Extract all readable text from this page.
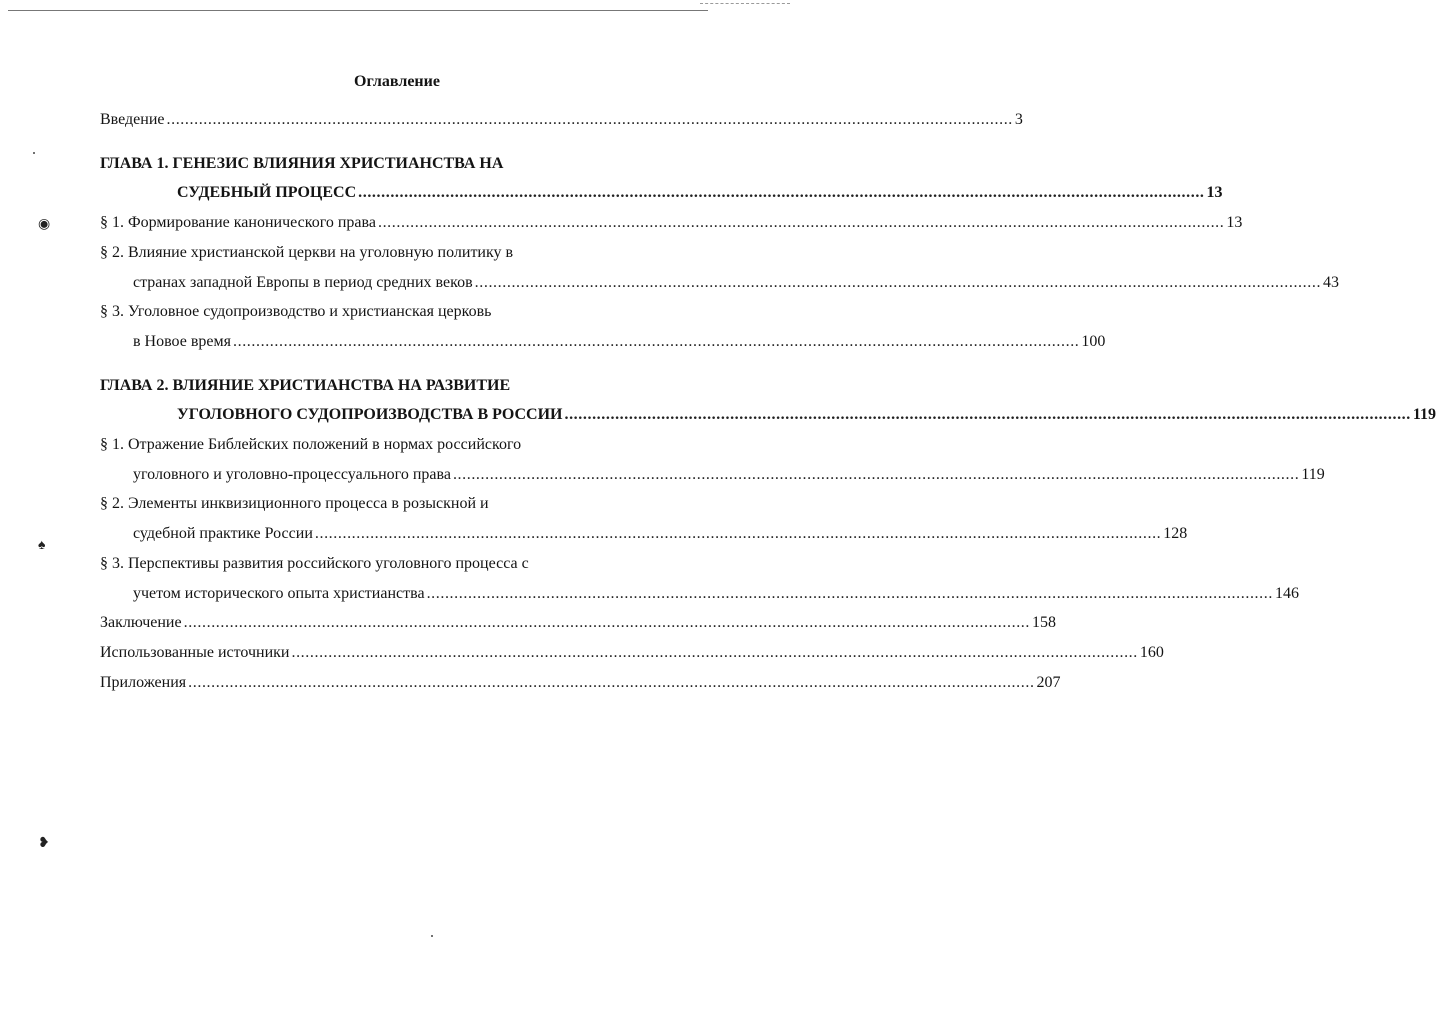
◉
♠
❥
Оглавление
Введение ........................................................................................................................................................................................ 3
ГЛАВА 1. ГЕНЕЗИС ВЛИЯНИЯ ХРИСТИАНСТВА НА
СУДЕБНЫЙ ПРОЦЕСС ........................................................................................................................................................................................ 13
§ 1. Формирование канонического права ........................................................................................................................................................................................ 13
§ 2. Влияние христианской церкви на уголовную политику в
странах западной Европы в период средних веков ........................................................................................................................................................................................ 43
§ 3. Уголовное судопроизводство и христианская церковь
в Новое время ........................................................................................................................................................................................ 100
ГЛАВА 2. ВЛИЯНИЕ ХРИСТИАНСТВА НА РАЗВИТИЕ
УГОЛОВНОГО СУДОПРОИЗВОДСТВА В РОССИИ ........................................................................................................................................................................................ 119
§ 1. Отражение Библейских положений в нормах российского
уголовного и уголовно-процессуального права ........................................................................................................................................................................................ 119
§ 2. Элементы инквизиционного процесса в розыскной и
судебной практике России ........................................................................................................................................................................................ 128
§ 3. Перспективы развития российского уголовного процесса с
учетом исторического опыта христианства ........................................................................................................................................................................................ 146
Заключение ........................................................................................................................................................................................ 158
Использованные источники ........................................................................................................................................................................................ 160
Приложения ........................................................................................................................................................................................ 207
